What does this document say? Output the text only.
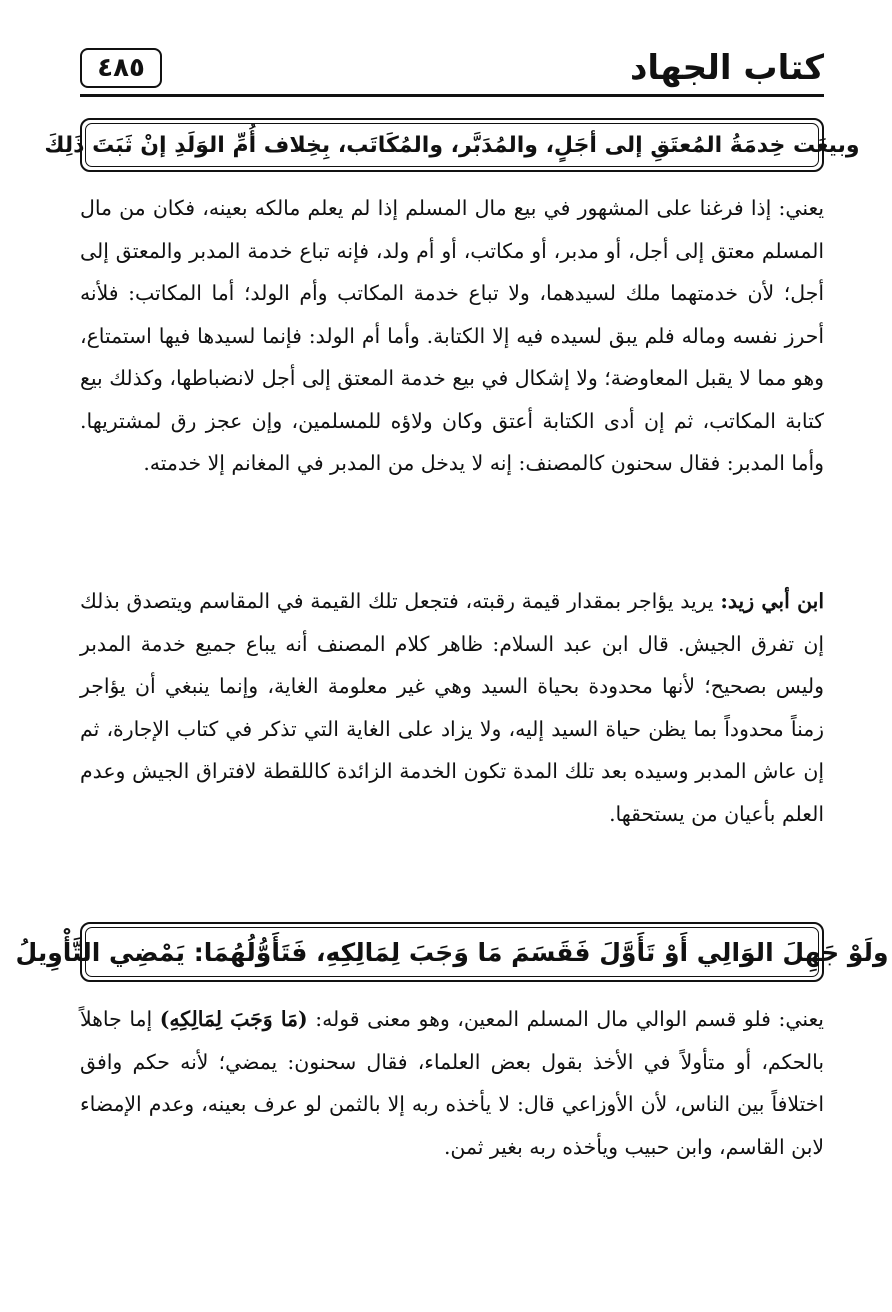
كتاب الجهاد
٤٨٥
وبيعَت خِدمَةُ المُعتَقِ إلى أجَلٍ، والمُدَبَّر، والمُكَاتَب، بِخِلاف أُمِّ الوَلَدِ إنْ ثَبَتَ ذَلِكَ
يعني: إذا فرغنا على المشهور في بيع مال المسلم إذا لم يعلم مالكه بعينه، فكان من مال المسلم معتق إلى أجل، أو مدبر، أو مكاتب، أو أم ولد، فإنه تباع خدمة المدبر والمعتق إلى أجل؛ لأن خدمتهما ملك لسيدهما، ولا تباع خدمة المكاتب وأم الولد؛ أما المكاتب: فلأنه أحرز نفسه وماله فلم يبق لسيده فيه إلا الكتابة. وأما أم الولد: فإنما لسيدها فيها استمتاع، وهو مما لا يقبل المعاوضة؛ ولا إشكال في بيع خدمة المعتق إلى أجل لانضباطها، وكذلك بيع كتابة المكاتب، ثم إن أدى الكتابة أعتق وكان ولاؤه للمسلمين، وإن عجز رق لمشتريها. وأما المدبر: فقال سحنون كالمصنف: إنه لا يدخل من المدبر في المغانم إلا خدمته.
ابن أبي زيد: يريد يؤاجر بمقدار قيمة رقبته، فتجعل تلك القيمة في المقاسم ويتصدق بذلك إن تفرق الجيش. قال ابن عبد السلام: ظاهر كلام المصنف أنه يباع جميع خدمة المدبر وليس بصحيح؛ لأنها محدودة بحياة السيد وهي غير معلومة الغاية، وإنما ينبغي أن يؤاجر زمناً محدوداً بما يظن حياة السيد إليه، ولا يزاد على الغاية التي تذكر في كتاب الإجارة، ثم إن عاش المدبر وسيده بعد تلك المدة تكون الخدمة الزائدة كاللقطة لافتراق الجيش وعدم العلم بأعيان من يستحقها.
ولَوْ جَهِلَ الوَالِي أَوْ تَأَوَّلَ فَقَسَمَ مَا وَجَبَ لِمَالِكِهِ، فَتَأَوُّلُهُمَا: يَمْضِي التَّأْوِيلُ
يعني: فلو قسم الوالي مال المسلم المعين، وهو معنى قوله: (مَا وَجَبَ لِمَالِكِهِ) إما جاهلاً بالحكم، أو متأولاً في الأخذ بقول بعض العلماء، فقال سحنون: يمضي؛ لأنه حكم وافق اختلافاً بين الناس، لأن الأوزاعي قال: لا يأخذه ربه إلا بالثمن لو عرف بعينه، وعدم الإمضاء لابن القاسم، وابن حبيب ويأخذه ربه بغير ثمن.
